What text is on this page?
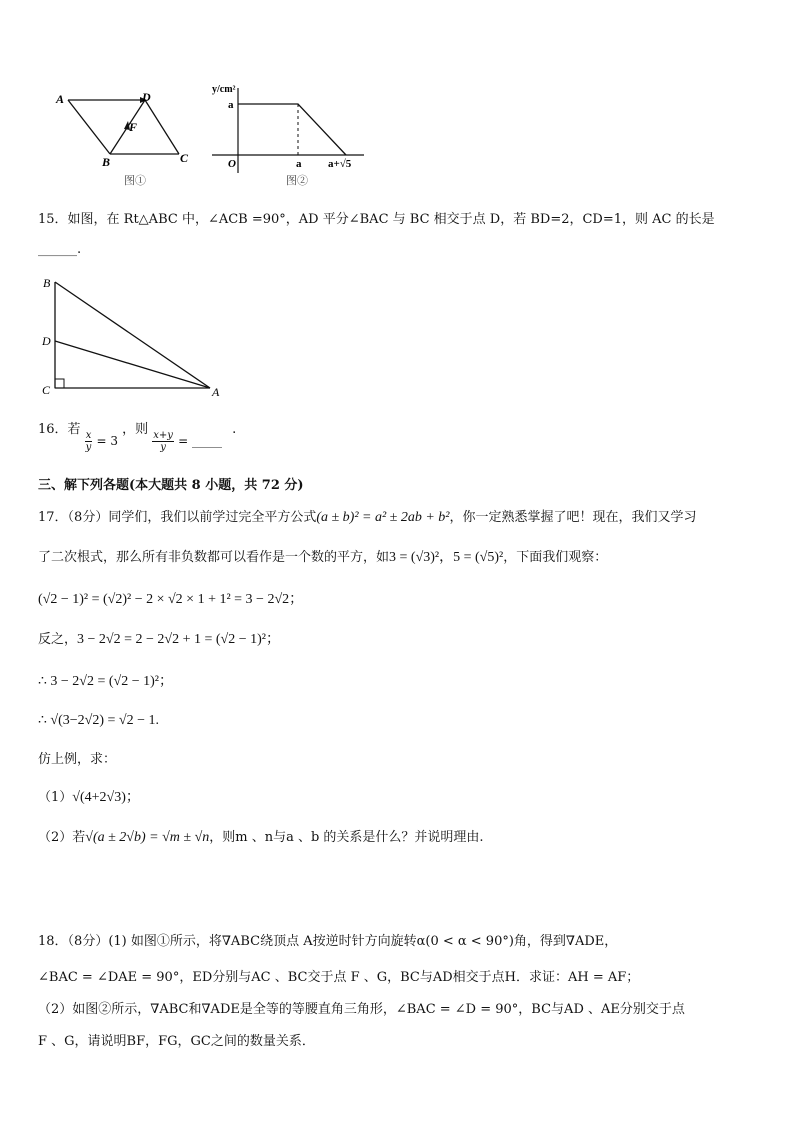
A	D
F
B	C
图①
y/cm²
a
O	a a+√5
图②
15．如图，在 Rt△ABC 中，∠ACB =90°，AD 平分∠BAC 与 BC 相交于点 D，若 BD=2，CD=1，则 AC 的长是
______.
B
D
C	A
16．若
$\frac{x}{y} = 3$ ，则
$\frac{x+y}{y}$ = _____ .
三、解下列各题(本大题共 8 小题，共 72 分)
17．（8分）同学们，我们以前学过完全平方公式(a ± b)² = a² ± 2ab + b²，你一定熟悉掌握了吧！现在，我们又学习
了二次根式，那么所有非负数都可以看作是一个数的平方，如3 = (√3)²，5 = (√5)²，下面我们观察：
(√2 − 1)² = (√2)² − 2 × √2 × 1 + 1² = 3 − 2√2；
反之，3 − 2√2 = 2 − 2√2 + 1 = (√2 − 1)²；
∴ 3 − 2√2 = (√2 − 1)²；
∴ √(3−2√2) = √2 − 1.
仿上例，求：
（1）√(4+2√3)；
（2）若√(a ± 2√b) = √m ± √n，则m 、n与a 、b 的关系是什么？并说明理由.
18．（8分）(1) 如图①所示，将∇ABC绕顶点 A按逆时针方向旋转α(0 < α < 90°)角，得到∇ADE，
∠BAC = ∠DAE = 90°，ED分别与AC 、BC交于点 F 、G，BC与AD相交于点H．求证：AH = AF；
（2）如图②所示，∇ABC和∇ADE是全等的等腰直角三角形，∠BAC = ∠D = 90°，BC与AD 、AE分别交于点
F 、G，请说明BF，FG，GC之间的数量关系．
